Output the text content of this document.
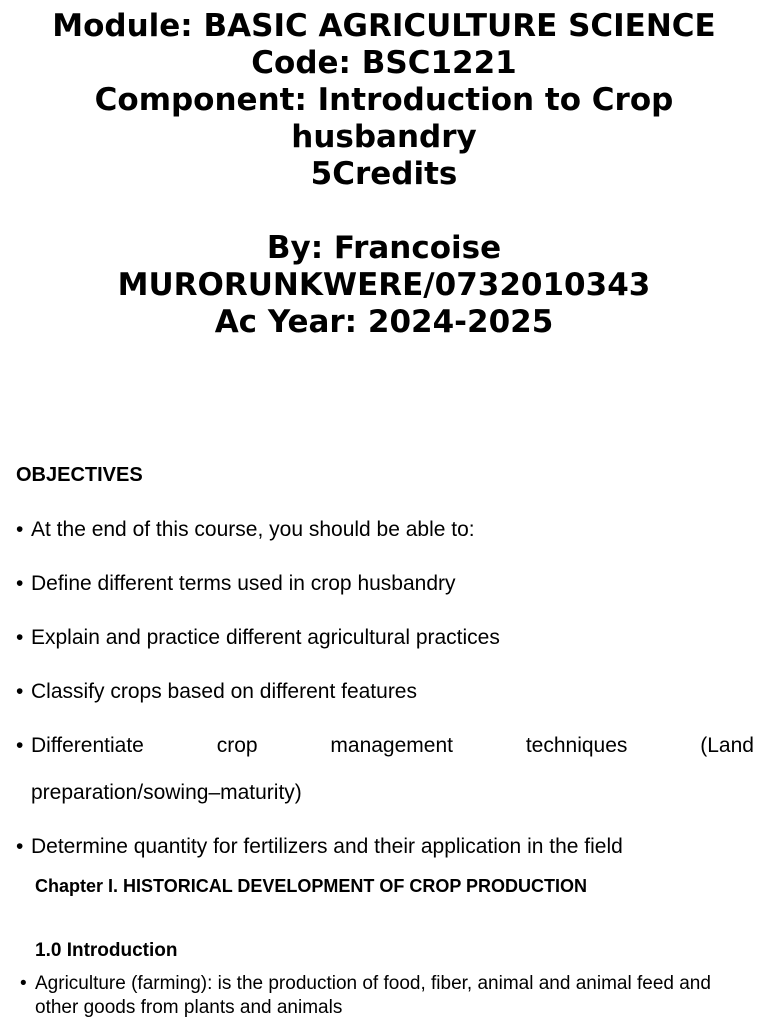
Module: BASIC AGRICULTURE SCIENCE
Code: BSC1221
Component: Introduction to Crop
husbandry
5Credits
By: Francoise
MURORUNKWERE/0732010343
Ac Year: 2024-2025
OBJECTIVES
• At the end of this course, you should be able to:
• Define different terms used in crop husbandry
• Explain and practice different agricultural practices
• Classify crops based on different features
• Differentiate	crop	management	techniques	(Land
preparation/sowing–maturity)
• Determine quantity for fertilizers and their application in the field
Chapter I. HISTORICAL DEVELOPMENT OF CROP PRODUCTION
1.0 Introduction
• Agriculture (farming): is the production of food, fiber, animal and animal feed and other goods from plants and animals
